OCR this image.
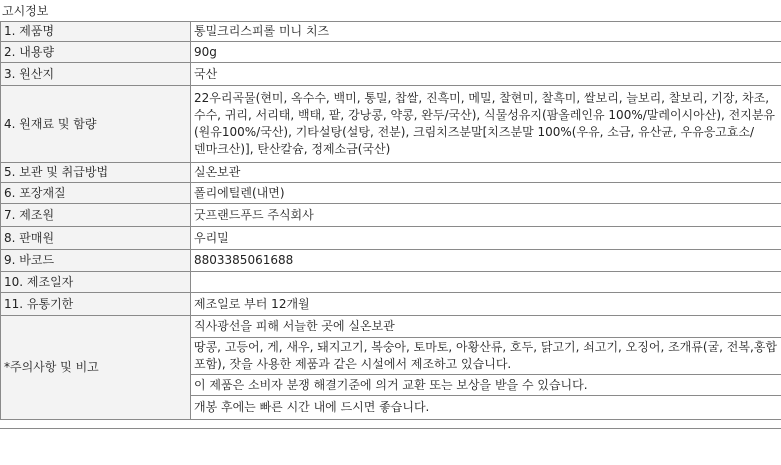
고시정보
1. 제품명	통밀크리스피롤 미니 치즈
2. 내용량	90g
3. 원산지	국산
4. 원재료 및 함량	22우리곡물(현미, 옥수수, 백미, 통밀, 찹쌀, 진흑미, 메밀, 찰현미, 찰흑미, 쌀보리, 늘보리, 찰보리, 기장, 차조, 수수, 귀리, 서리태, 백태, 팥, 강낭콩, 약콩, 완두/국산), 식물성유지(팜올레인유 100%/말레이시아산), 전지분유(원유100%/국산), 기타설탕(설탕, 전분), 크림치즈분말[치즈분말 100%(우유, 소금, 유산균, 우유응고효소/덴마크산)], 탄산칼슘, 정제소금(국산)
5. 보관 및 취급방법	실온보관
6. 포장재질	폴리에틸렌(내면)
7. 제조원	굿프랜드푸드 주식회사
8. 판매원	우리밀
9. 바코드	8803385061688
10. 제조일자	
11. 유통기한	제조일로 부터 12개월
*주의사항 및 비고	직사광선을 피해 서늘한 곳에 실온보관
	땅콩, 고등어, 게, 새우, 돼지고기, 복숭아, 토마토, 아황산류, 호두, 닭고기, 쇠고기, 오징어, 조개류(굴, 전복,홍합 포함), 잣을 사용한 제품과 같은 시설에서 제조하고 있습니다.
	이 제품은 소비자 분쟁 해결기준에 의거 교환 또는 보상을 받을 수 있습니다.
	개봉 후에는 빠른 시간 내에 드시면 좋습니다.
